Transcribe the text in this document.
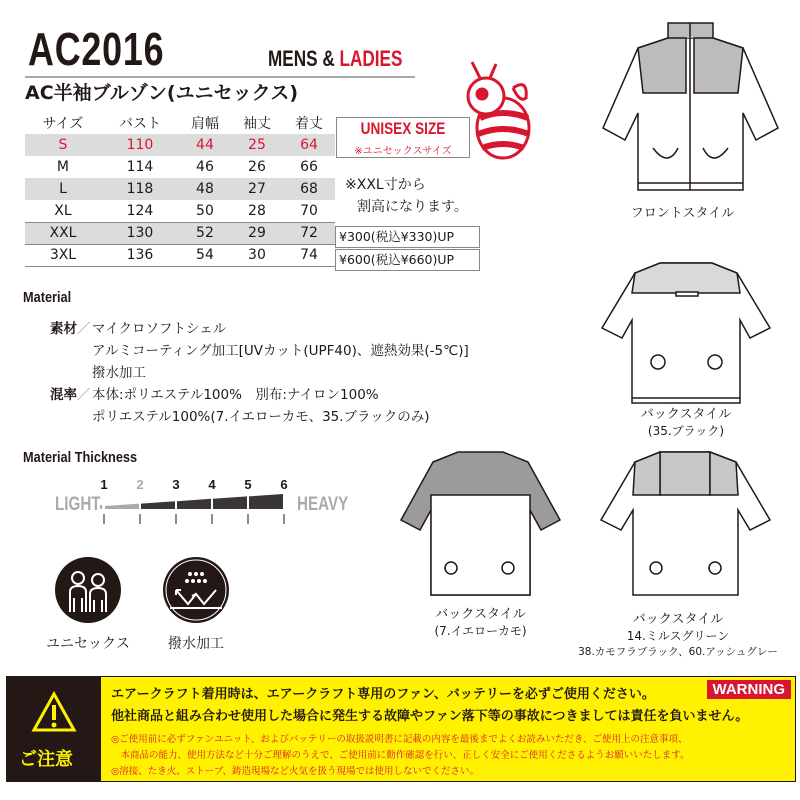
AC2016	MENS & LADIES
AC半袖ブルゾン(ユニセックス)
サイズ	バスト	肩幅	袖丈	着丈
S	110	44	25	64
M	114	46	26	66
L	118	48	27	68
XL	124	50	28	70
XXL	130	52	29	72
3XL	136	54	30	74
UNISEX SIZE
※ユニセックスサイズ
※XXL寸から
割高になります。
¥300(税込¥330)UP
¥600(税込¥660)UP
フロントスタイル
バックスタイル
(35.ブラック)
バックスタイル
(7.イエローカモ)
バックスタイル
14.ミルスグリーン
38.カモフラブラック、60.アッシュグレー
Material
素材／ マイクロソフトシェル
アルミコーティング加工[UVカット(UPF40)、遮熱効果(-5℃)]
撥水加工
混率／ 本体:ポリエステル100%　別布:ナイロン100%
ポリエステル100%(7.イエローカモ、35.ブラックのみ)
Material Thickness
LIGHT	HEAVY
1 2 3 4 5 6
ユニセックス	撥水加工
ご注意
WARNING
エアークラフト着用時は、エアークラフト専用のファン、バッテリーを必ずご使用ください。
他社商品と組み合わせ使用した場合に発生する故障やファン落下等の事故につきましては責任を負いません。
◎ご使用前に必ずファンユニット、およびバッテリーの取扱説明書に記載の内容を最後までよくお読みいただき、ご使用上の注意事項、
　本商品の能力、使用方法など十分ご理解のうえで、ご使用前に動作確認を行い、正しく安全にご使用くださるようお願いいたします。
◎溶接、たき火、ストーブ、鋳造現場など火気を扱う現場では使用しないでください。
